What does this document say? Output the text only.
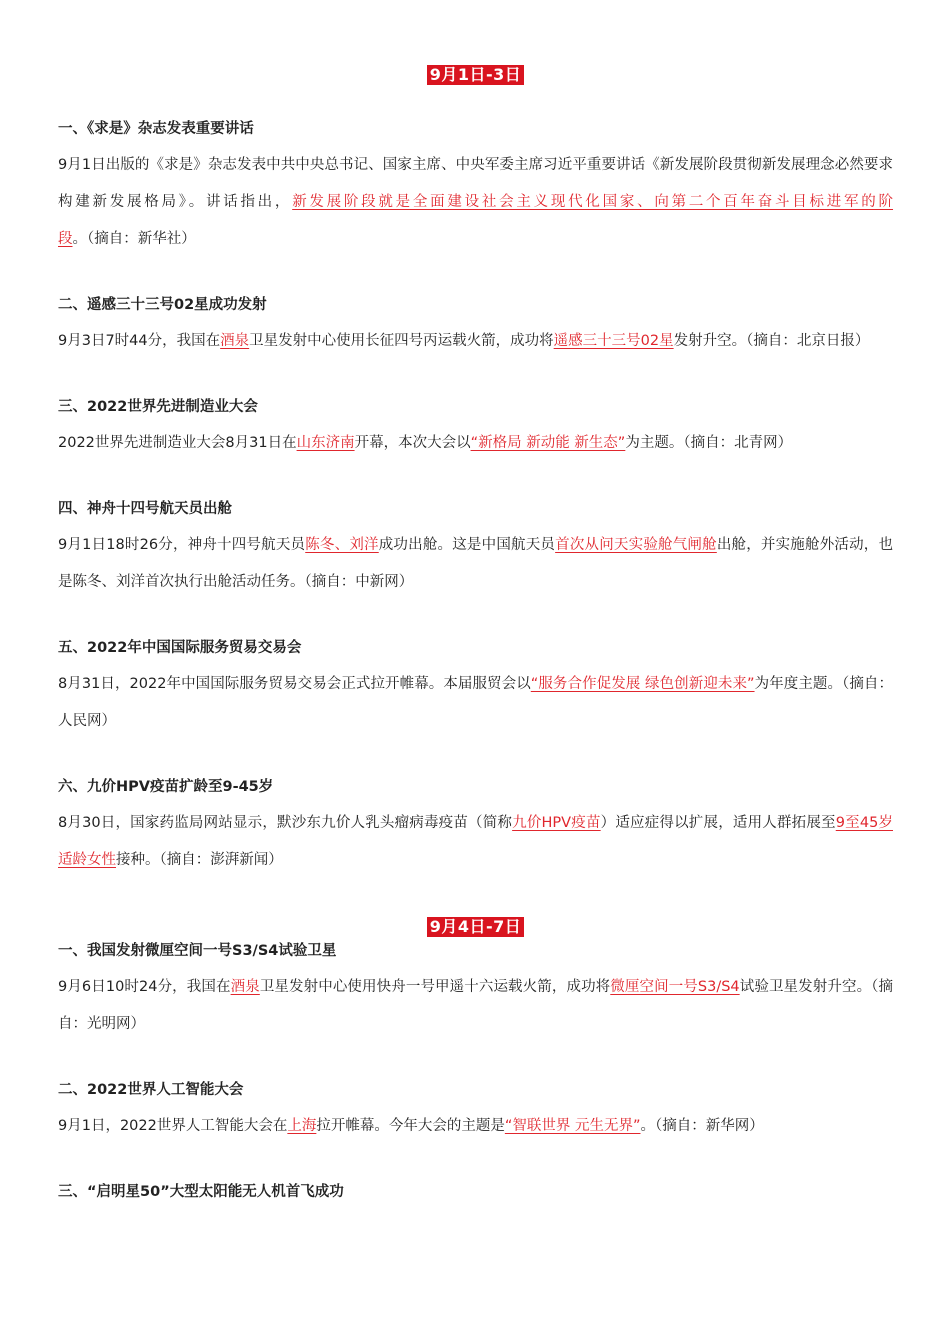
9月1日-3日

一、《求是》杂志发表重要讲话

9月1日出版的《求是》杂志发表中共中央总书记、国家主席、中央军委主席习近平重要讲话《新发展阶段贯彻新发展理念必然要求构建新发展格局》。讲话指出，新发展阶段就是全面建设社会主义现代化国家、向第二个百年奋斗目标进军的阶段。（摘自：新华社）

二、遥感三十三号02星成功发射

9月3日7时44分，我国在酒泉卫星发射中心使用长征四号丙运载火箭，成功将遥感三十三号02星发射升空。（摘自：北京日报）

三、2022世界先进制造业大会

2022世界先进制造业大会8月31日在山东济南开幕，本次大会以“新格局 新动能 新生态”为主题。（摘自：北青网）

四、神舟十四号航天员出舱

9月1日18时26分，神舟十四号航天员陈冬、刘洋成功出舱。这是中国航天员首次从问天实验舱气闸舱出舱，并实施舱外活动，也是陈冬、刘洋首次执行出舱活动任务。（摘自：中新网）

五、2022年中国国际服务贸易交易会

8月31日，2022年中国国际服务贸易交易会正式拉开帷幕。本届服贸会以“服务合作促发展 绿色创新迎未来”为年度主题。（摘自：人民网）

六、九价HPV疫苗扩龄至9-45岁

8月30日，国家药监局网站显示，默沙东九价人乳头瘤病毒疫苗（简称九价HPV疫苗）适应症得以扩展，适用人群拓展至9至45岁适龄女性接种。（摘自：澎湃新闻）

9月4日-7日

一、我国发射微厘空间一号S3/S4试验卫星

9月6日10时24分，我国在酒泉卫星发射中心使用快舟一号甲遥十六运载火箭，成功将微厘空间一号S3/S4试验卫星发射升空。（摘自：光明网）

二、2022世界人工智能大会

9月1日，2022世界人工智能大会在上海拉开帷幕。今年大会的主题是“智联世界 元生无界”。（摘自：新华网）

三、“启明星50”大型太阳能无人机首飞成功
